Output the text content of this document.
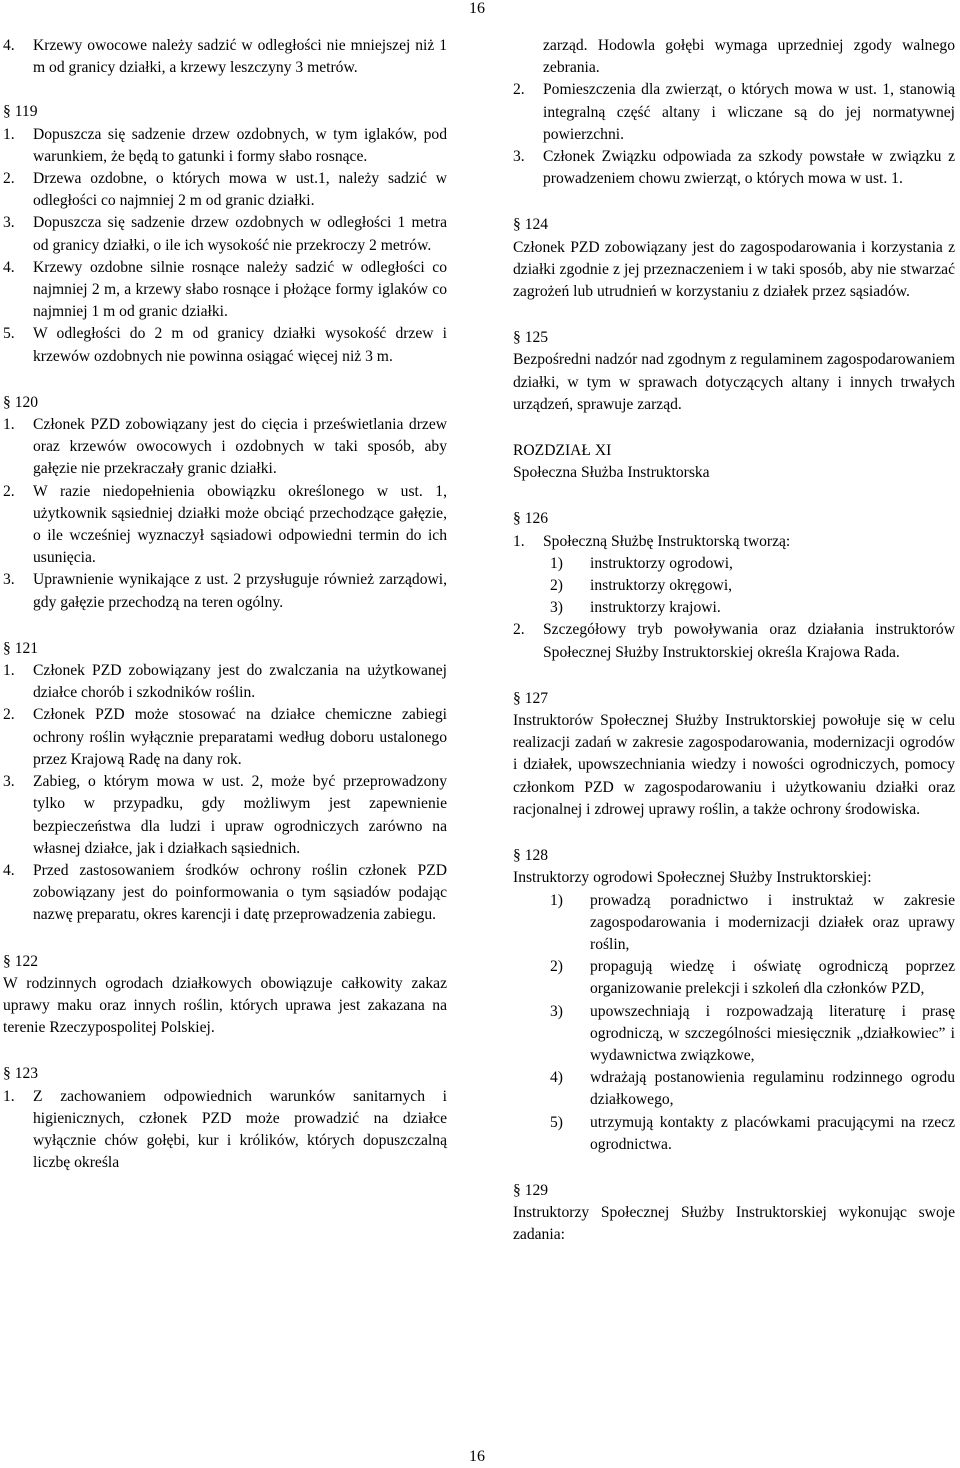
16
4.	Krzewy owocowe należy sadzić w odległości nie mniejszej niż 1 m od granicy działki, a krzewy leszczyny 3 metrów.

§ 119

1.	Dopuszcza się sadzenie drzew ozdobnych, w tym iglaków, pod warunkiem, że będą to gatunki i formy słabo rosnące.
2.	Drzewa ozdobne, o których mowa w ust.1, należy sadzić w odległości co najmniej 2 m od granic działki.
3.	Dopuszcza się sadzenie drzew ozdobnych w odległości 1 metra od granicy działki, o ile ich wysokość nie przekroczy 2 metrów.
4.	Krzewy ozdobne silnie rosnące należy sadzić w odległości co najmniej 2 m, a krzewy słabo rosnące i płożące formy iglaków co najmniej 1 m od granic działki.
5.	W odległości do 2 m od granicy działki wysokość drzew i krzewów ozdobnych nie powinna osiągać więcej niż 3 m.

§ 120

1.	Członek PZD zobowiązany jest do cięcia i prześwietlania drzew oraz krzewów owocowych i ozdobnych w taki sposób, aby gałęzie nie przekraczały granic działki.
2.	W razie niedopełnienia obowiązku określonego w ust. 1, użytkownik sąsiedniej działki może obciąć przechodzące gałęzie, o ile wcześniej wyznaczył sąsiadowi odpowiedni termin do ich usunięcia.
3.	Uprawnienie wynikające z ust. 2 przysługuje również zarządowi, gdy gałęzie przechodzą na teren ogólny.

§ 121

1.	Członek PZD zobowiązany jest do zwalczania na użytkowanej działce chorób i szkodników roślin.
2.	Członek PZD może stosować na działce chemiczne zabiegi ochrony roślin wyłącznie preparatami według doboru ustalonego przez Krajową Radę na dany rok.
3.	Zabieg, o którym mowa w ust. 2, może być przeprowadzony tylko w przypadku, gdy możliwym jest zapewnienie bezpieczeństwa dla ludzi i upraw ogrodniczych zarówno na własnej działce, jak i działkach sąsiednich.
4.	Przed zastosowaniem środków ochrony roślin członek PZD zobowiązany jest do poinformowania o tym sąsiadów podając nazwę preparatu, okres karencji i datę przeprowadzenia zabiegu.

§ 122

W rodzinnych ogrodach działkowych obowiązuje całkowity zakaz uprawy maku oraz innych roślin, których uprawa jest zakazana na terenie Rzeczypospolitej Polskiej.

§ 123

1.	Z zachowaniem odpowiednich warunków sanitarnych i higienicznych, członek PZD może prowadzić na działce wyłącznie chów gołębi, kur i królików, których dopuszczalną liczbę określa
zarząd. Hodowla gołębi wymaga uprzedniej zgody walnego zebrania.
2.	Pomieszczenia dla zwierząt, o których mowa w ust. 1, stanowią integralną część altany i wliczane są do jej normatywnej powierzchni.
3.	Członek Związku odpowiada za szkody powstałe w związku z prowadzeniem chowu zwierząt, o których mowa w ust. 1.

§ 124

Członek PZD zobowiązany jest do zagospodarowania i korzystania z działki zgodnie z jej przeznaczeniem i w taki sposób, aby nie stwarzać zagrożeń lub utrudnień w korzystaniu z działek przez sąsiadów.

§ 125

Bezpośredni nadzór nad zgodnym z regulaminem zagospodarowaniem działki, w tym w sprawach dotyczących altany i innych trwałych urządzeń, sprawuje zarząd.

ROZDZIAŁ XI

Społeczna Służba Instruktorska

§ 126

1.	Społeczną Służbę Instruktorską tworzą:
1)	instruktorzy ogrodowi,
2)	instruktorzy okręgowi,
3)	instruktorzy krajowi.
2.	Szczegółowy tryb powoływania oraz działania instruktorów Społecznej Służby Instruktorskiej określa Krajowa Rada.

§ 127

Instruktorów Społecznej Służby Instruktorskiej powołuje się w celu realizacji zadań w zakresie zagospodarowania, modernizacji ogrodów i działek, upowszechniania wiedzy i nowości ogrodniczych, pomocy członkom PZD w zagospodarowaniu i użytkowaniu działki oraz racjonalnej i zdrowej uprawy roślin, a także ochrony środowiska.

§ 128

Instruktorzy ogrodowi Społecznej Służby Instruktorskiej:

1)	prowadzą poradnictwo i instruktaż w zakresie zagospodarowania i modernizacji działek oraz uprawy roślin,
2)	propagują wiedzę i oświatę ogrodniczą poprzez organizowanie prelekcji i szkoleń dla członków PZD,
3)	upowszechniają i rozpowadzają literaturę i prasę ogrodniczą, w szczególności miesięcznik „działkowiec” i wydawnictwa związkowe,
4)	wdrażają postanowienia regulaminu rodzinnego ogrodu działkowego,
5)	utrzymują kontakty z placówkami pracującymi na rzecz ogrodnictwa.

§ 129

Instruktorzy Społecznej Służby Instruktorskiej wykonując swoje zadania:

16
